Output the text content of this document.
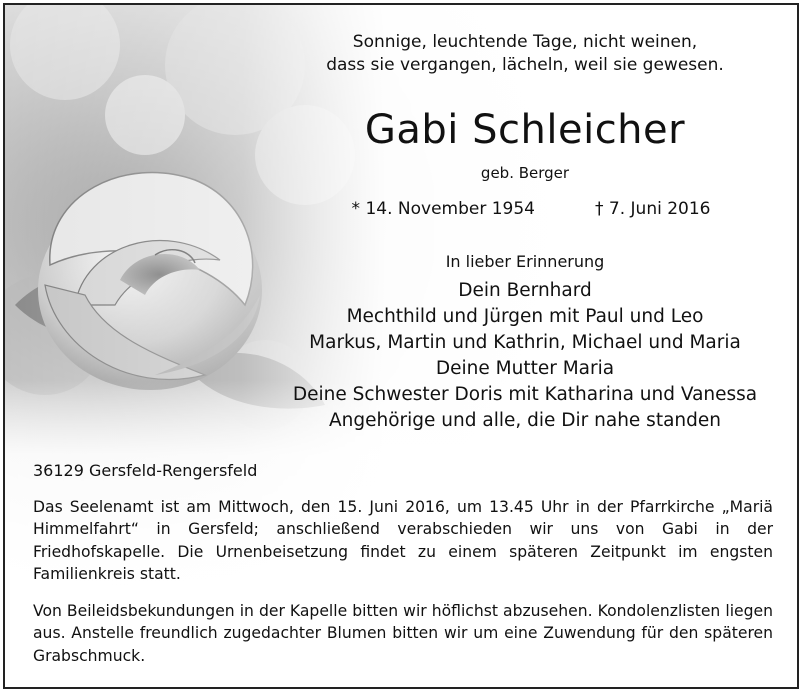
Sonnige, leuchtende Tage, nicht weinen,
dass sie vergangen, lächeln, weil sie gewesen.
Gabi Schleicher
geb. Berger
* 14. November 1954	† 7. Juni 2016
In lieber Erinnerung
Dein Bernhard
Mechthild und Jürgen mit Paul und Leo
Markus, Martin und Kathrin, Michael und Maria
Deine Mutter Maria
Deine Schwester Doris mit Katharina und Vanessa
Angehörige und alle, die Dir nahe standen
36129 Gersfeld-Rengersfeld
Das Seelenamt ist am Mittwoch, den 15. Juni 2016, um 13.45 Uhr in der Pfarrkirche „Mariä Himmelfahrt“ in Gersfeld; anschließend verabschieden wir uns von Gabi in der Friedhofskapelle. Die Urnenbeisetzung findet zu einem späteren Zeitpunkt im engsten Familienkreis statt.
Von Beileidsbekundungen in der Kapelle bitten wir höflichst abzusehen. Kondolenzlisten liegen aus. Anstelle freundlich zugedachter Blumen bitten wir um eine Zuwendung für den späteren Grabschmuck.
